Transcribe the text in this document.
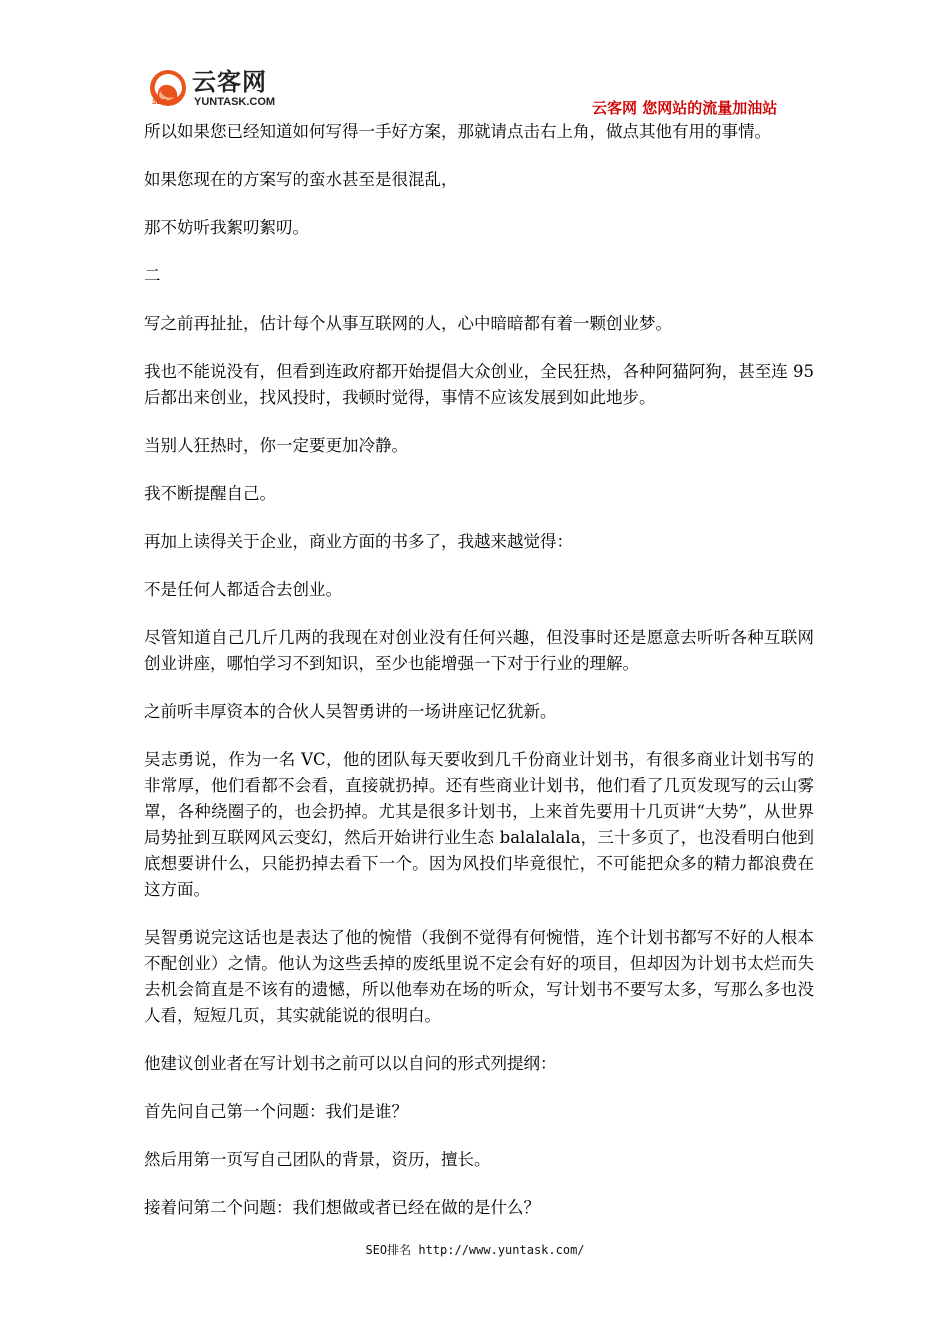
SEO
云客网
YUNTASK.COM	云客网 您网站的流量加油站

所以如果您已经知道如何写得一手好方案，那就请点击右上角，做点其他有用的事情。

如果您现在的方案写的蛮水甚至是很混乱，

那不妨听我絮叨絮叨。

二

写之前再扯扯，估计每个从事互联网的人，心中暗暗都有着一颗创业梦。

我也不能说没有，但看到连政府都开始提倡大众创业，全民狂热，各种阿猫阿狗，甚至连 95 后都出来创业，找风投时，我顿时觉得，事情不应该发展到如此地步。

当别人狂热时，你一定要更加冷静。

我不断提醒自己。

再加上读得关于企业，商业方面的书多了，我越来越觉得：

不是任何人都适合去创业。

尽管知道自己几斤几两的我现在对创业没有任何兴趣，但没事时还是愿意去听听各种互联网创业讲座，哪怕学习不到知识，至少也能增强一下对于行业的理解。

之前听丰厚资本的合伙人吴智勇讲的一场讲座记忆犹新。

吴志勇说，作为一名 VC，他的团队每天要收到几千份商业计划书，有很多商业计划书写的非常厚，他们看都不会看，直接就扔掉。还有些商业计划书，他们看了几页发现写的云山雾罩，各种绕圈子的，也会扔掉。尤其是很多计划书，上来首先要用十几页讲“大势”，从世界局势扯到互联网风云变幻，然后开始讲行业生态 balalalala，三十多页了，也没看明白他到底想要讲什么，只能扔掉去看下一个。因为风投们毕竟很忙，不可能把众多的精力都浪费在这方面。

吴智勇说完这话也是表达了他的惋惜（我倒不觉得有何惋惜，连个计划书都写不好的人根本不配创业）之情。他认为这些丢掉的废纸里说不定会有好的项目，但却因为计划书太烂而失去机会简直是不该有的遗憾，所以他奉劝在场的听众，写计划书不要写太多，写那么多也没人看，短短几页，其实就能说的很明白。

他建议创业者在写计划书之前可以以自问的形式列提纲：

首先问自己第一个问题：我们是谁？

然后用第一页写自己团队的背景，资历，擅长。

接着问第二个问题：我们想做或者已经在做的是什么？

SEO排名 http://www.yuntask.com/
